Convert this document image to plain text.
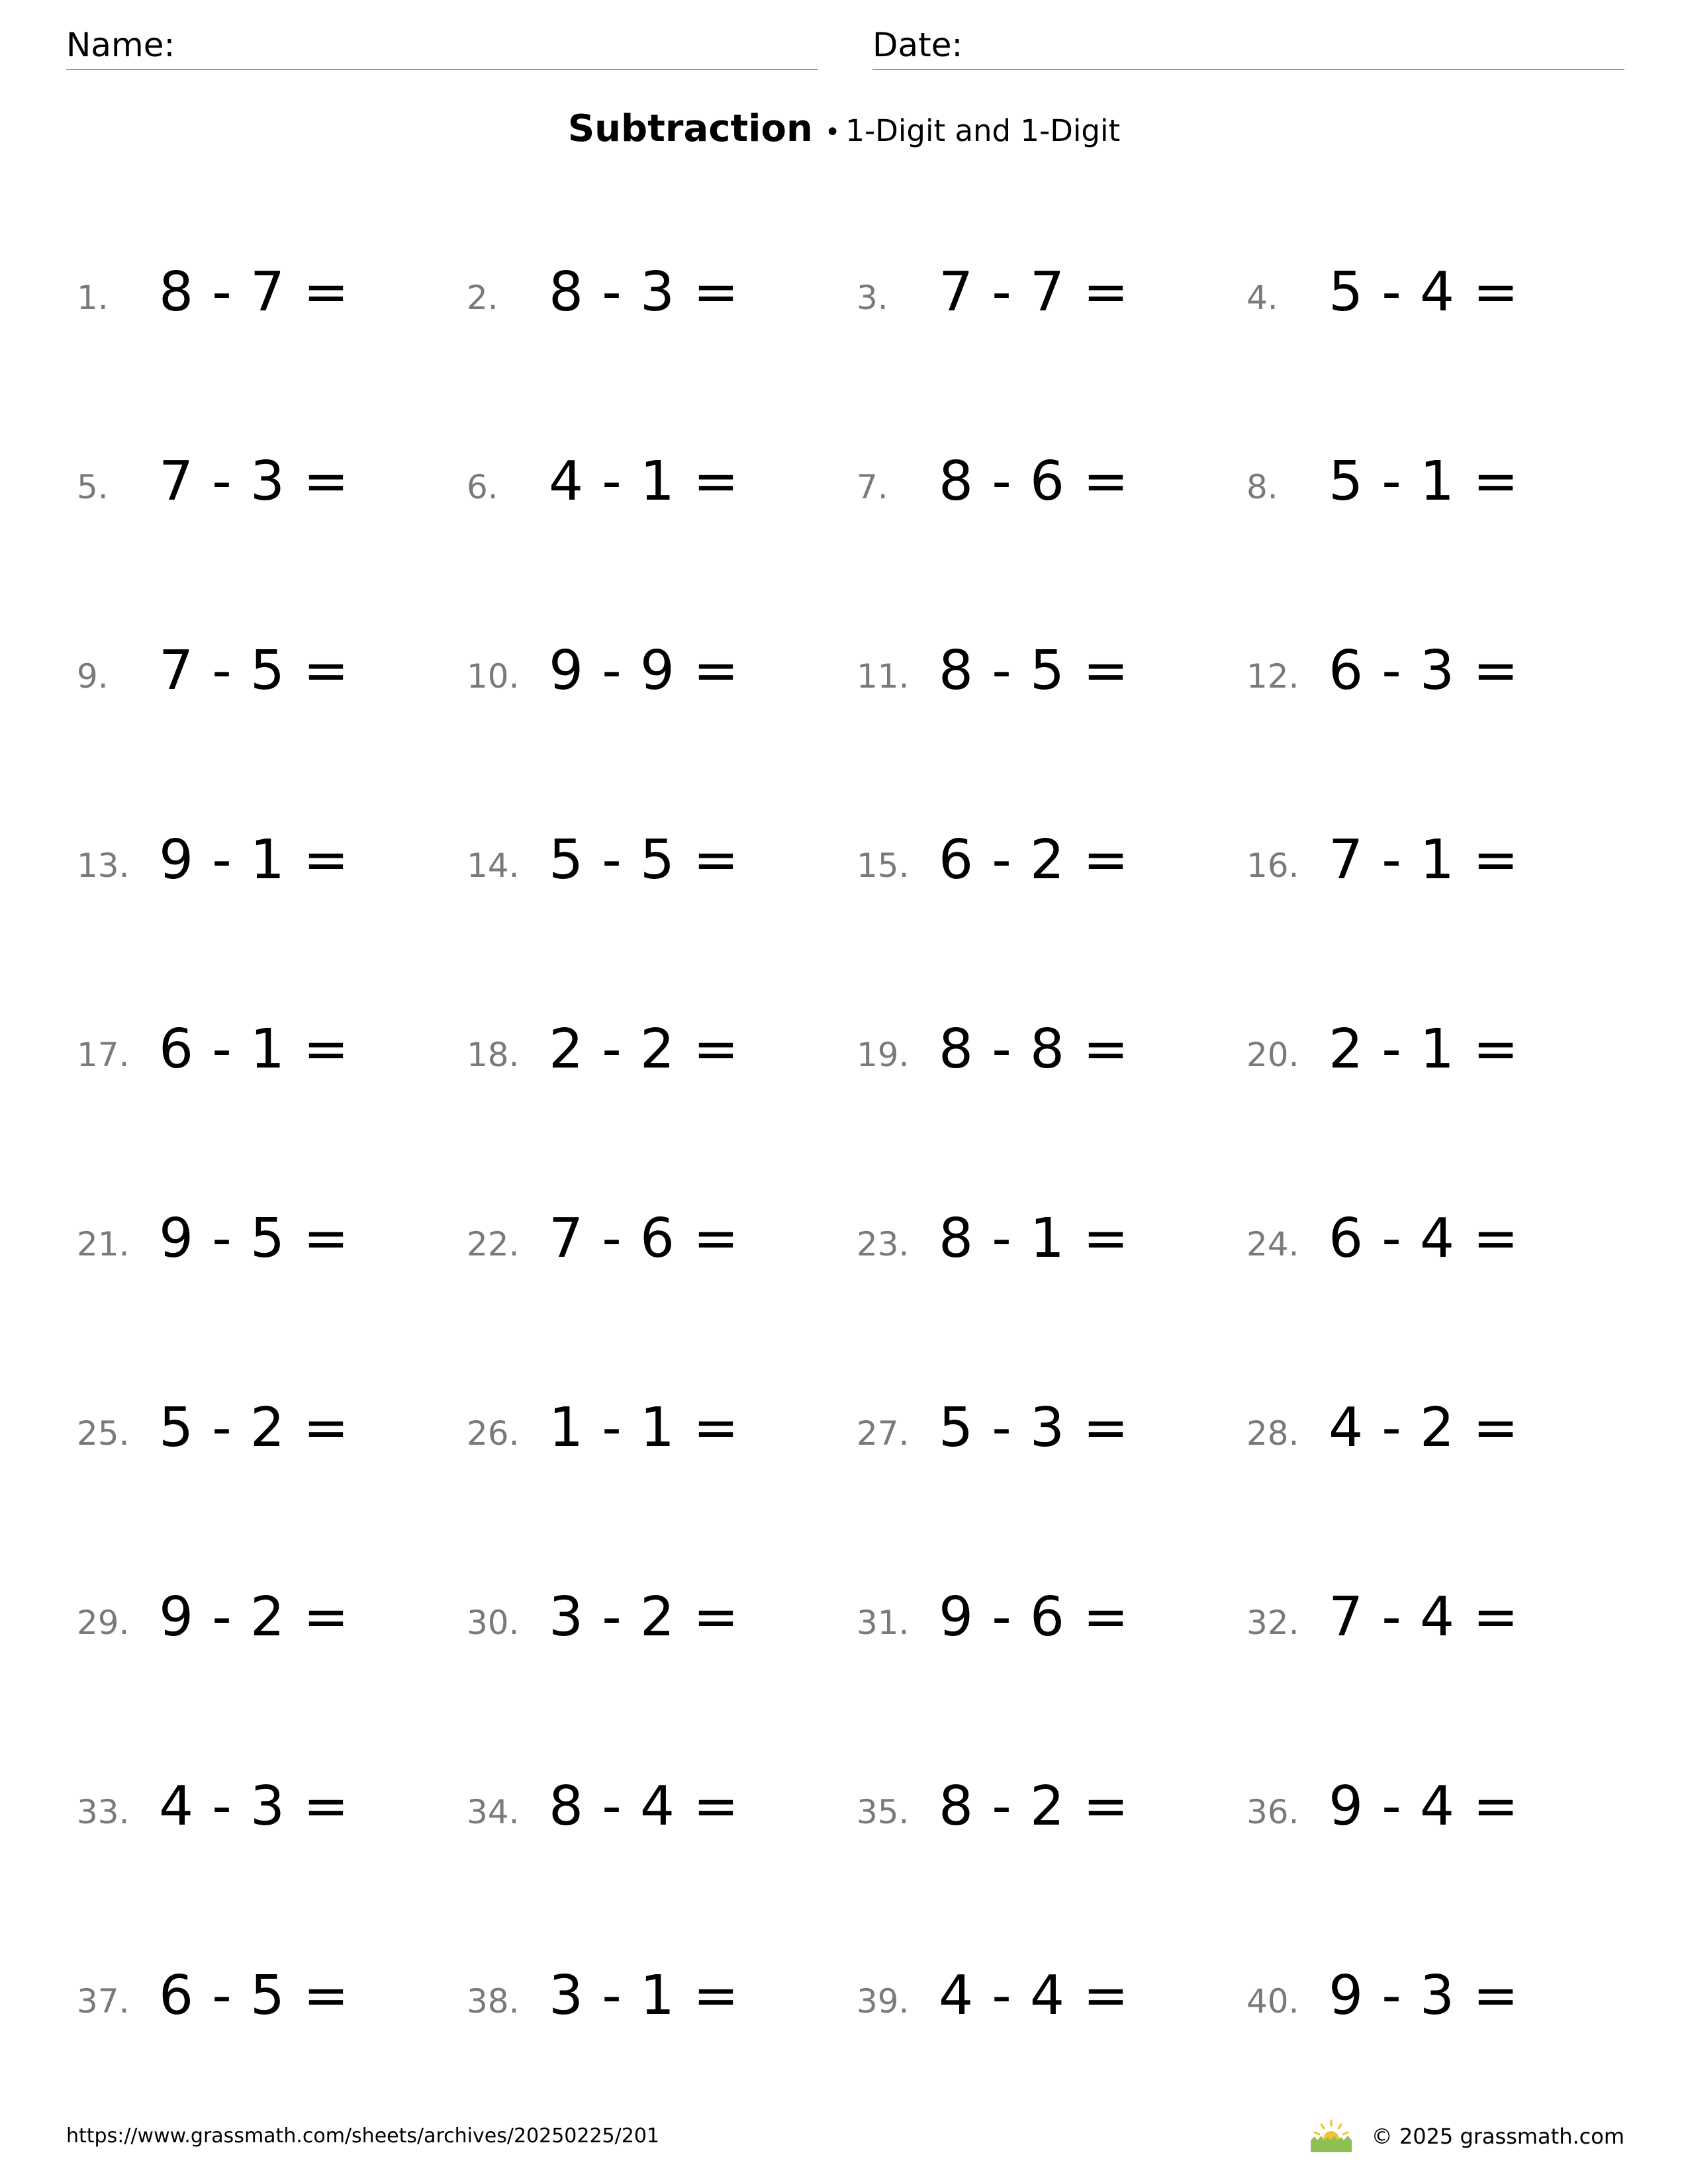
Name:	Date:
Subtraction • 1-Digit and 1-Digit
1. 8 - 7 =	2. 8 - 3 =	3. 7 - 7 =	4. 5 - 4 =
5. 7 - 3 =	6. 4 - 1 =	7. 8 - 6 =	8. 5 - 1 =
9. 7 - 5 =	10. 9 - 9 =	11. 8 - 5 =	12. 6 - 3 =
13. 9 - 1 =	14. 5 - 5 =	15. 6 - 2 =	16. 7 - 1 =
17. 6 - 1 =	18. 2 - 2 =	19. 8 - 8 =	20. 2 - 1 =
21. 9 - 5 =	22. 7 - 6 =	23. 8 - 1 =	24. 6 - 4 =
25. 5 - 2 =	26. 1 - 1 =	27. 5 - 3 =	28. 4 - 2 =
29. 9 - 2 =	30. 3 - 2 =	31. 9 - 6 =	32. 7 - 4 =
33. 4 - 3 =	34. 8 - 4 =	35. 8 - 2 =	36. 9 - 4 =
37. 6 - 5 =	38. 3 - 1 =	39. 4 - 4 =	40. 9 - 3 =
https://www.grassmath.com/sheets/archives/20250225/201	© 2025 grassmath.com
